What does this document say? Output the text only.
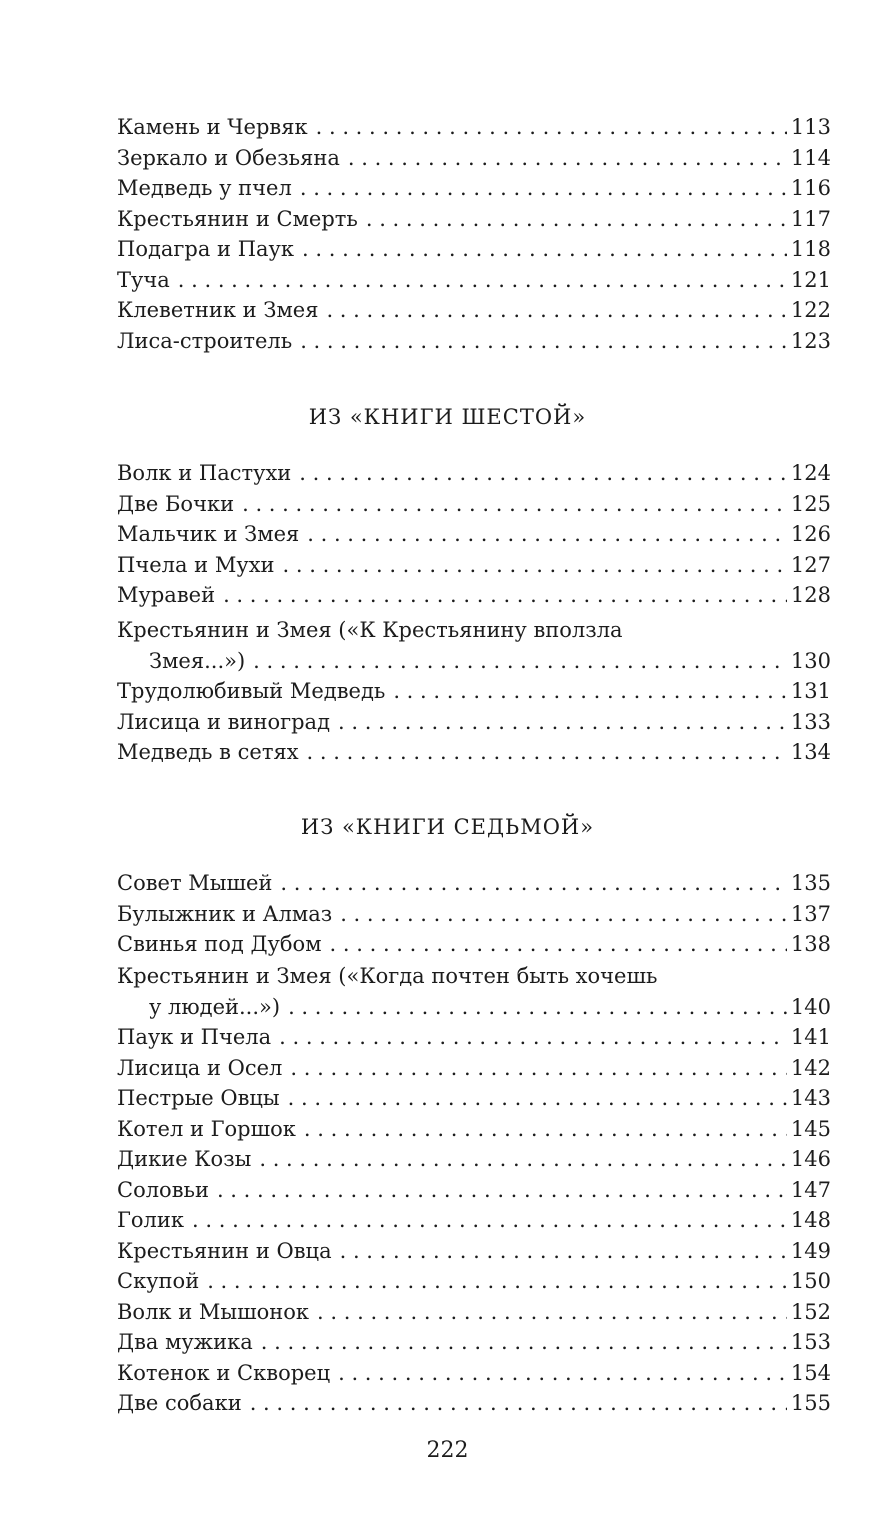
Камень и Червяк . . .	113
Зеркало и Обезьяна . . .	114
Медведь у пчел . . .	116
Крестьянин и Смерть . . .	117
Подагра и Паук . . .	118
Туча . . .	121
Клеветник и Змея . . .	122
Лиса-строитель . . .	123
ИЗ «КНИГИ ШЕСТОЙ»
Волк и Пастухи . . .	124
Две Бочки . . .	125
Мальчик и Змея . . .	126
Пчела и Мухи . . .	127
Муравей . . .	128
Крестьянин и Змея («К Крестьянину вползла
Змея...») . . .	130
Трудолюбивый Медведь . . .	131
Лисица и виноград . . .	133
Медведь в сетях . . .	134
ИЗ «КНИГИ СЕДЬМОЙ»
Совет Мышей . . .	135
Булыжник и Алмаз . . .	137
Свинья под Дубом . . .	138
Крестьянин и Змея («Когда почтен быть хочешь
у людей...») . . .	140
Паук и Пчела . . .	141
Лисица и Осел . . .	142
Пестрые Овцы . . .	143
Котел и Горшок . . .	145
Дикие Козы . . .	146
Соловьи . . .	147
Голик . . .	148
Крестьянин и Овца . . .	149
Скупой . . .	150
Волк и Мышонок . . .	152
Два мужика . . .	153
Котенок и Скворец . . .	154
Две собаки . . .	155
222
